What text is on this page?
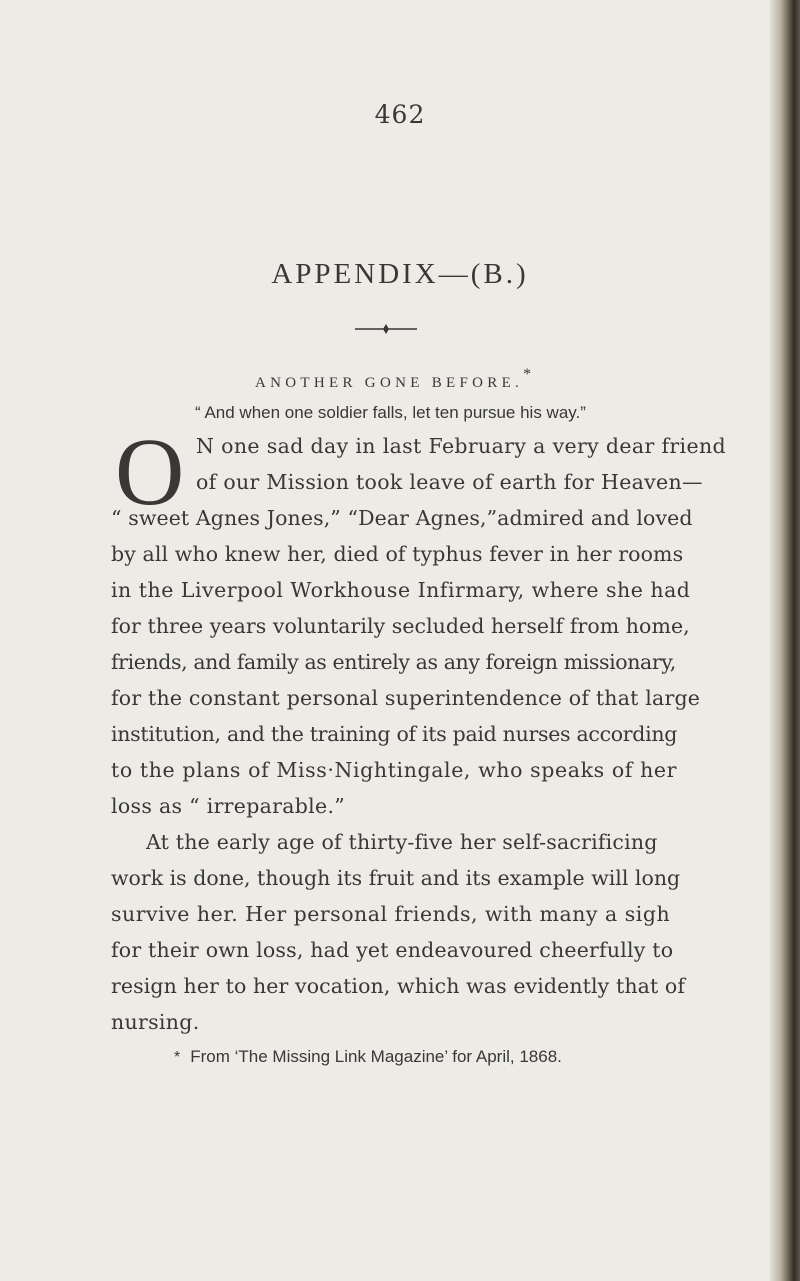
462
APPENDIX—(B.)
ANOTHER GONE BEFORE.*
“ And when one soldier falls, let ten pursue his way.”
O N one sad day in last February a very dear friend
of our Mission took leave of earth for Heaven—
“ sweet Agnes Jones,” “Dear Agnes,”admired and loved
by all who knew her, died of typhus fever in her rooms
in the Liverpool Workhouse Infirmary, where she had
for three years voluntarily secluded herself from home,
friends, and family as entirely as any foreign missionary,
for the constant personal superintendence of that large
institution, and the training of its paid nurses according
to the plans of Miss·Nightingale, who speaks of her
loss as “ irreparable.”
At the early age of thirty-five her self-sacrificing
work is done, though its fruit and its example will long
survive her. Her personal friends, with many a sigh
for their own loss, had yet endeavoured cheerfully to
resign her to her vocation, which was evidently that of
nursing.
* From ‘The Missing Link Magazine’ for April, 1868.
